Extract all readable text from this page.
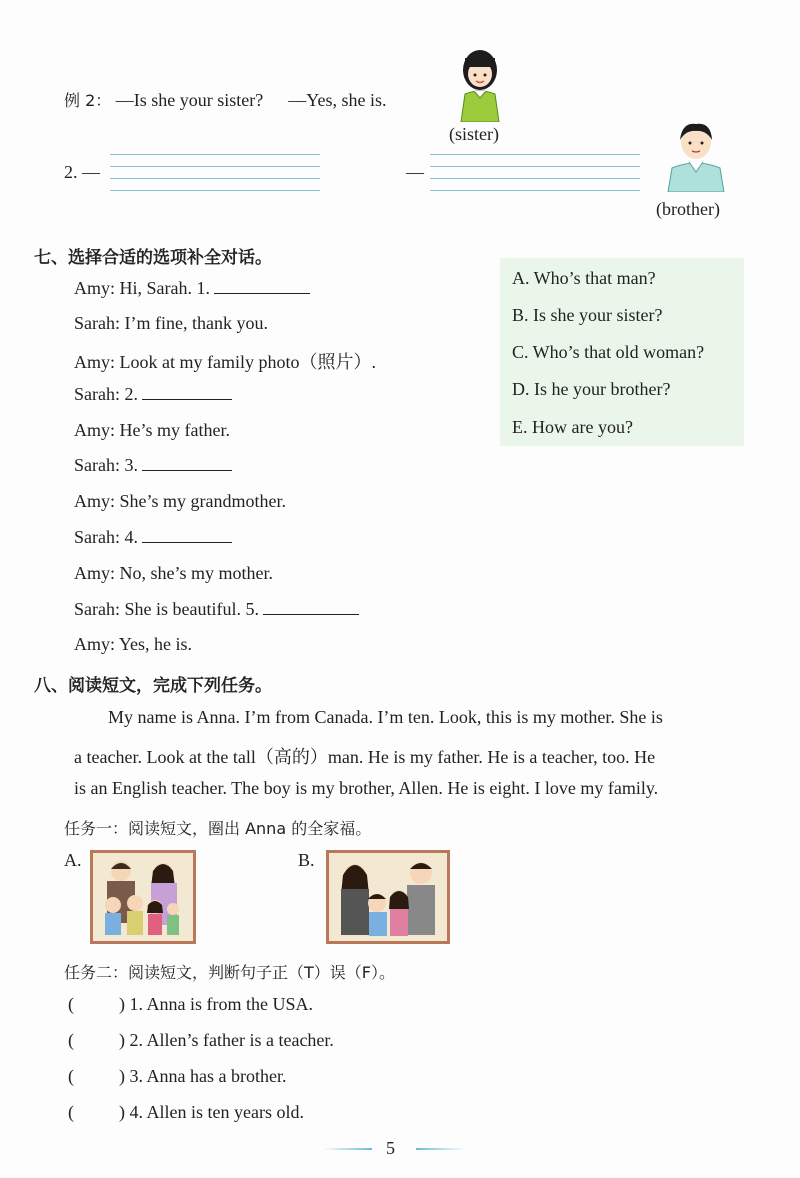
例 2： —Is she your sister? —Yes, she is.
(sister)
2. —	—
(brother)
七、选择合适的选项补全对话。
Amy: Hi, Sarah. 1.
Sarah: I’m fine, thank you.
Amy: Look at my family photo（照片）.
Sarah: 2.
Amy: He’s my father.
Sarah: 3.
Amy: She’s my grandmother.
Sarah: 4.
Amy: No, she’s my mother.
Sarah: She is beautiful. 5.
Amy: Yes, he is.
A. Who’s that man?
B. Is she your sister?
C. Who’s that old woman?
D. Is he your brother?
E. How are you?
八、阅读短文，完成下列任务。
My name is Anna. I’m from Canada. I’m ten. Look, this is my mother. She is
a teacher. Look at the tall（高的）man. He is my father. He is a teacher, too. He
is an English teacher. The boy is my brother, Allen. He is eight. I love my family.
任务一：阅读短文，圈出 Anna 的全家福。
A.	B.
任务二：阅读短文，判断句子正（T）误（F）。
(          ) 1. Anna is from the USA.
(          ) 2. Allen’s father is a teacher.
(          ) 3. Anna has a brother.
(          ) 4. Allen is ten years old.
5
